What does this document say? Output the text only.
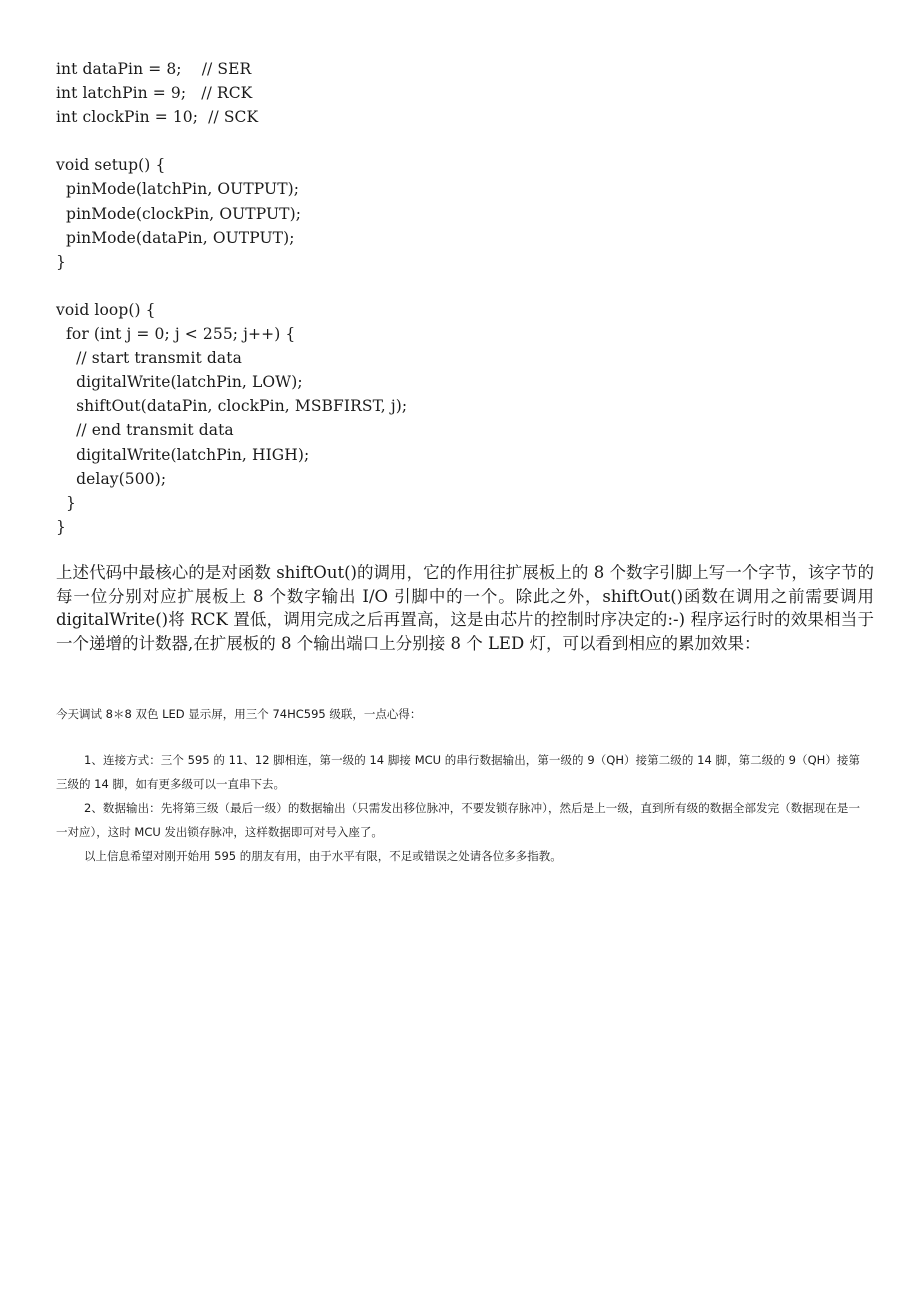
int dataPin = 8;    // SER
int latchPin = 9;   // RCK
int clockPin = 10;  // SCK
void setup() {
pinMode(latchPin, OUTPUT);
pinMode(clockPin, OUTPUT);
pinMode(dataPin, OUTPUT);
}
void loop() {
for (int j = 0; j < 255; j++) {
// start transmit data
digitalWrite(latchPin, LOW);
shiftOut(dataPin, clockPin, MSBFIRST, j);
// end transmit data
digitalWrite(latchPin, HIGH);
delay(500);
}
}

上述代码中最核心的是对函数 shiftOut()的调用，它的作用往扩展板上的 8 个数字引脚上写一个字节，该字节的每一位分别对应扩展板上 8 个数字输出 I/O 引脚中的一个。除此之外，shiftOut()函数在调用之前需要调用 digitalWrite()将 RCK 置低，调用完成之后再置高，这是由芯片的控制时序决定的:-) 程序运行时的效果相当于一个递增的计数器,在扩展板的 8 个输出端口上分别接 8 个 LED 灯，可以看到相应的累加效果：

今天调试 8＊8 双色 LED 显示屏，用三个 74HC595 级联，一点心得：
1、连接方式：三个 595 的 11、12 脚相连，第一级的 14 脚接 MCU 的串行数据输出，第一级的 9（QH）接第二级的 14 脚，第二级的 9（QH）接第三级的 14 脚，如有更多级可以一直串下去。
2、数据输出：先将第三级（最后一级）的数据输出（只需发出移位脉冲，不要发锁存脉冲），然后是上一级，直到所有级的数据全部发完（数据现在是一一对应），这时 MCU 发出锁存脉冲，这样数据即可对号入座了。
以上信息希望对刚开始用 595 的朋友有用，由于水平有限，不足或错误之处请各位多多指教。
